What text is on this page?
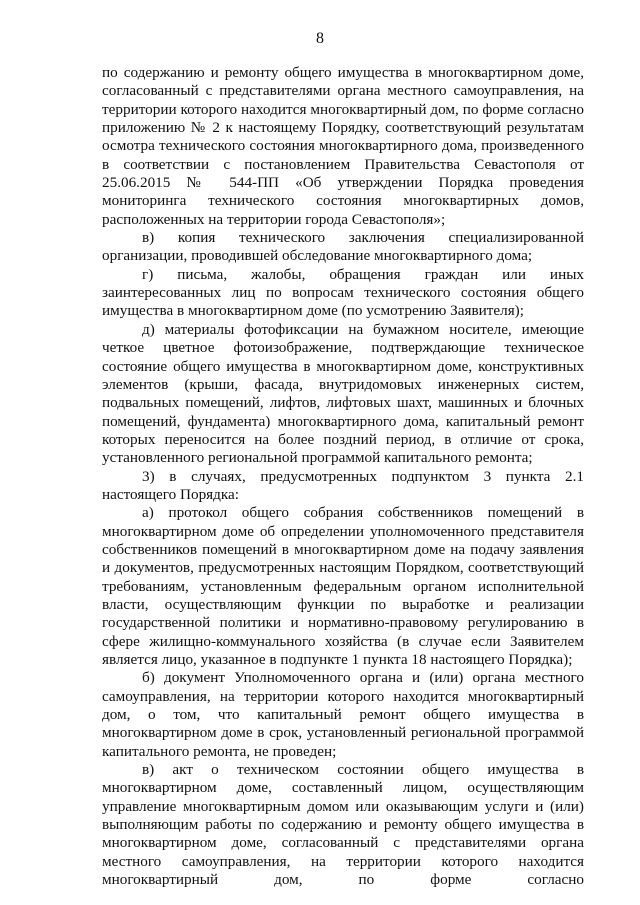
8

по содержанию и ремонту общего имущества в многоквартирном доме, согласованный с представителями органа местного самоуправления, на территории которого находится многоквартирный дом, по форме согласно приложению № 2 к настоящему Порядку, соответствующий результатам осмотра технического состояния многоквартирного дома, произведенного в соответствии с постановлением Правительства Севастополя от 25.06.2015 № 544-ПП «Об утверждении Порядка проведения мониторинга технического состояния многоквартирных домов, расположенных на территории города Севастополя»;

в) копия технического заключения специализированной организации, проводившей обследование многоквартирного дома;

г) письма, жалобы, обращения граждан или иных заинтересованных лиц по вопросам технического состояния общего имущества в многоквартирном доме (по усмотрению Заявителя);

д) материалы фотофиксации на бумажном носителе, имеющие четкое цветное фотоизображение, подтверждающие техническое состояние общего имущества в многоквартирном доме, конструктивных элементов (крыши, фасада, внутридомовых инженерных систем, подвальных помещений, лифтов, лифтовых шахт, машинных и блочных помещений, фундамента) многоквартирного дома, капитальный ремонт которых переносится на более поздний период, в отличие от срока, установленного региональной программой капитального ремонта;

3) в случаях, предусмотренных подпунктом 3 пункта 2.1 настоящего Порядка:

а) протокол общего собрания собственников помещений в многоквартирном доме об определении уполномоченного представителя собственников помещений в многоквартирном доме на подачу заявления и документов, предусмотренных настоящим Порядком, соответствующий требованиям, установленным федеральным органом исполнительной власти, осуществляющим функции по выработке и реализации государственной политики и нормативно-правовому регулированию в сфере жилищно-коммунального хозяйства (в случае если Заявителем является лицо, указанное в подпункте 1 пункта 18 настоящего Порядка);

б) документ Уполномоченного органа и (или) органа местного самоуправления, на территории которого находится многоквартирный дом, о том, что капитальный ремонт общего имущества в многоквартирном доме в срок, установленный региональной программой капитального ремонта, не проведен;

в) акт о техническом состоянии общего имущества в многоквартирном доме, составленный лицом, осуществляющим управление многоквартирным домом или оказывающим услуги и (или) выполняющим работы по содержанию и ремонту общего имущества в многоквартирном доме, согласованный с представителями органа местного самоуправления, на территории которого находится многоквартирный дом, по форме согласно
